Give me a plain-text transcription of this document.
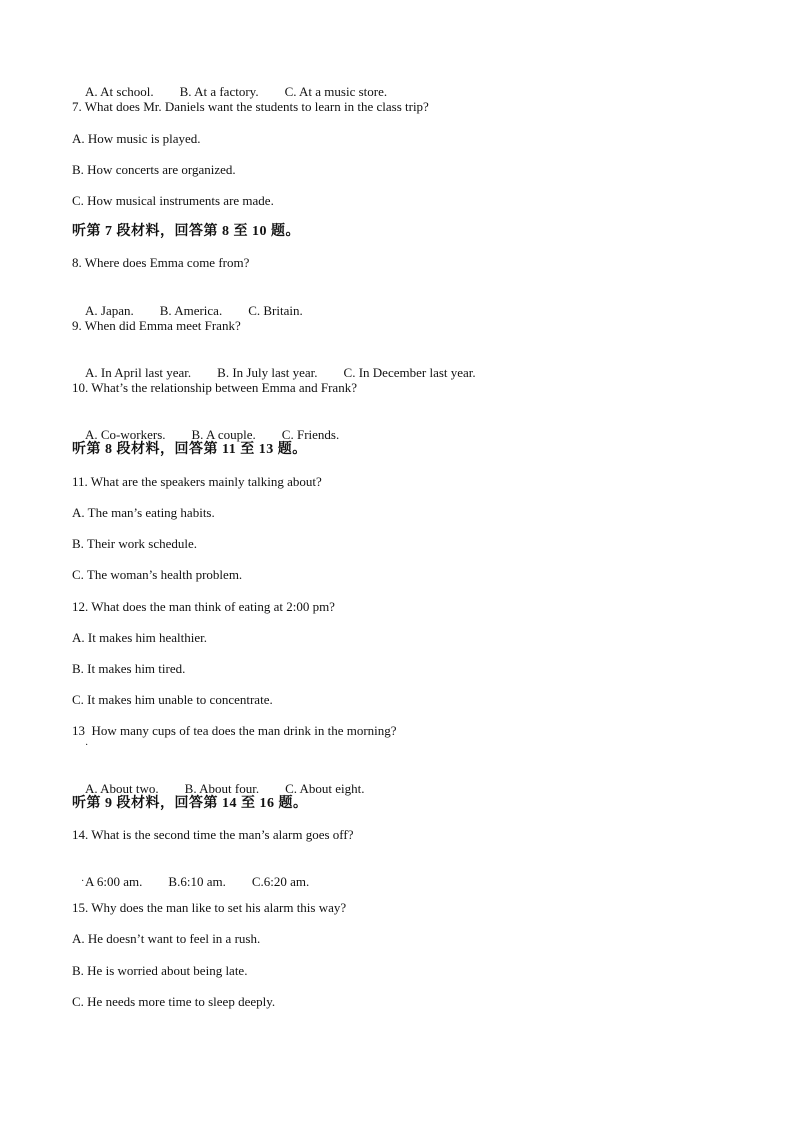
A. At school. B. At a factory. C. At a music store.

7. What does Mr. Daniels want the students to learn in the class trip?
A. How music is played.
B. How concerts are organized.
C. How musical instruments are made.
听第 7 段材料，回答第 8 至 10 题。
8. Where does Emma come from?

A. Japan. B. America. C. Britain.

9. When did Emma meet Frank?

A. In April last year. B. In July last year. C. In December last year.

10. What’s the relationship between Emma and Frank?

A. Co-workers. B. A couple. C. Friends.

听第 8 段材料，回答第 11 至 13 题。
11. What are the speakers mainly talking about?
A. The man’s eating habits.
B. Their work schedule.
C. The woman’s health problem.
12. What does the man think of eating at 2:00 pm?
A. It makes him healthier.
B. It makes him tired.
C. It makes him unable to concentrate.
13  How many cups of tea does the man drink in the morning?
·

A. About two. B. About four. C. About eight.

听第 9 段材料，回答第 14 至 16 题。
14. What is the second time the man’s alarm goes off?

A 6:00 am. B.6:10 am. C.6:20 am.

·
15. Why does the man like to set his alarm this way?
A. He doesn’t want to feel in a rush.
B. He is worried about being late.
C. He needs more time to sleep deeply.
